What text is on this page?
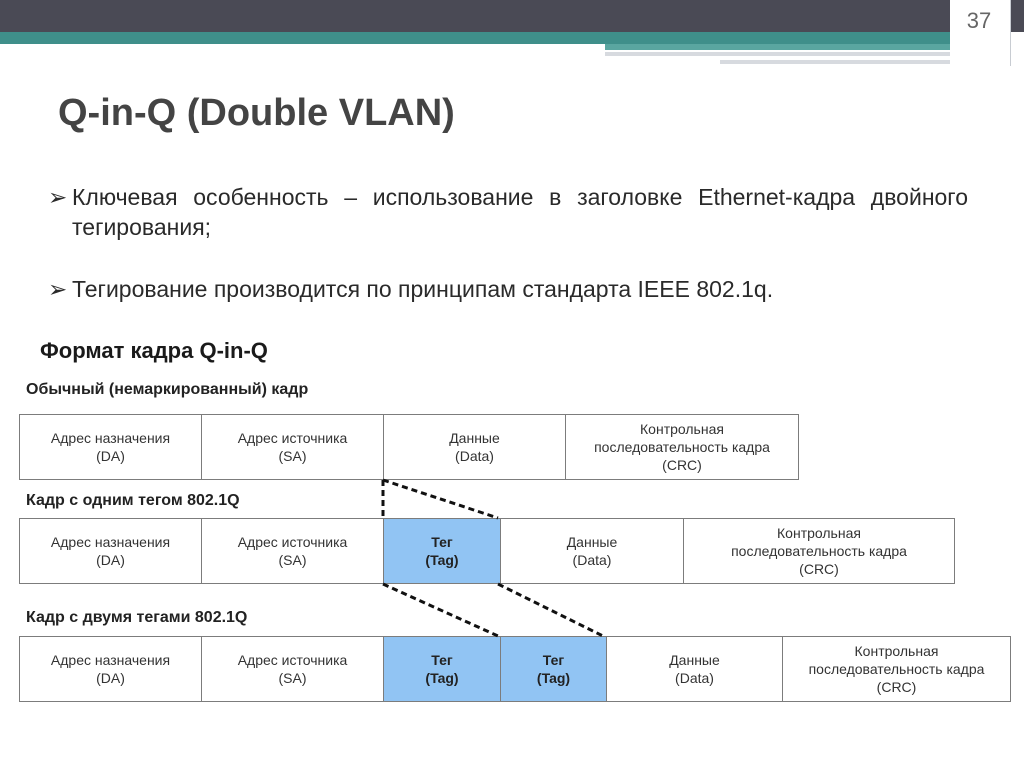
37
Q-in-Q (Double VLAN)
➢ Ключевая особенность – использование в заголовке Ethernet-кадра двойного тегирования;
➢ Тегирование производится по принципам стандарта IEEE 802.1q.
Формат кадра Q-in-Q
Обычный (немаркированный) кадр
Адрес назначения
(DA)
Адрес источника
(SA)
Данные
(Data)
Контрольная
последовательность кадра
(CRC)
Кадр с одним тегом 802.1Q
Адрес назначения
(DA)
Адрес источника
(SA)
Тег
(Tag)
Данные
(Data)
Контрольная
последовательность кадра
(CRC)
Кадр с двумя тегами 802.1Q
Адрес назначения
(DA)
Адрес источника
(SA)
Тег
(Tag)
Тег
(Tag)
Данные
(Data)
Контрольная
последовательность кадра
(CRC)
